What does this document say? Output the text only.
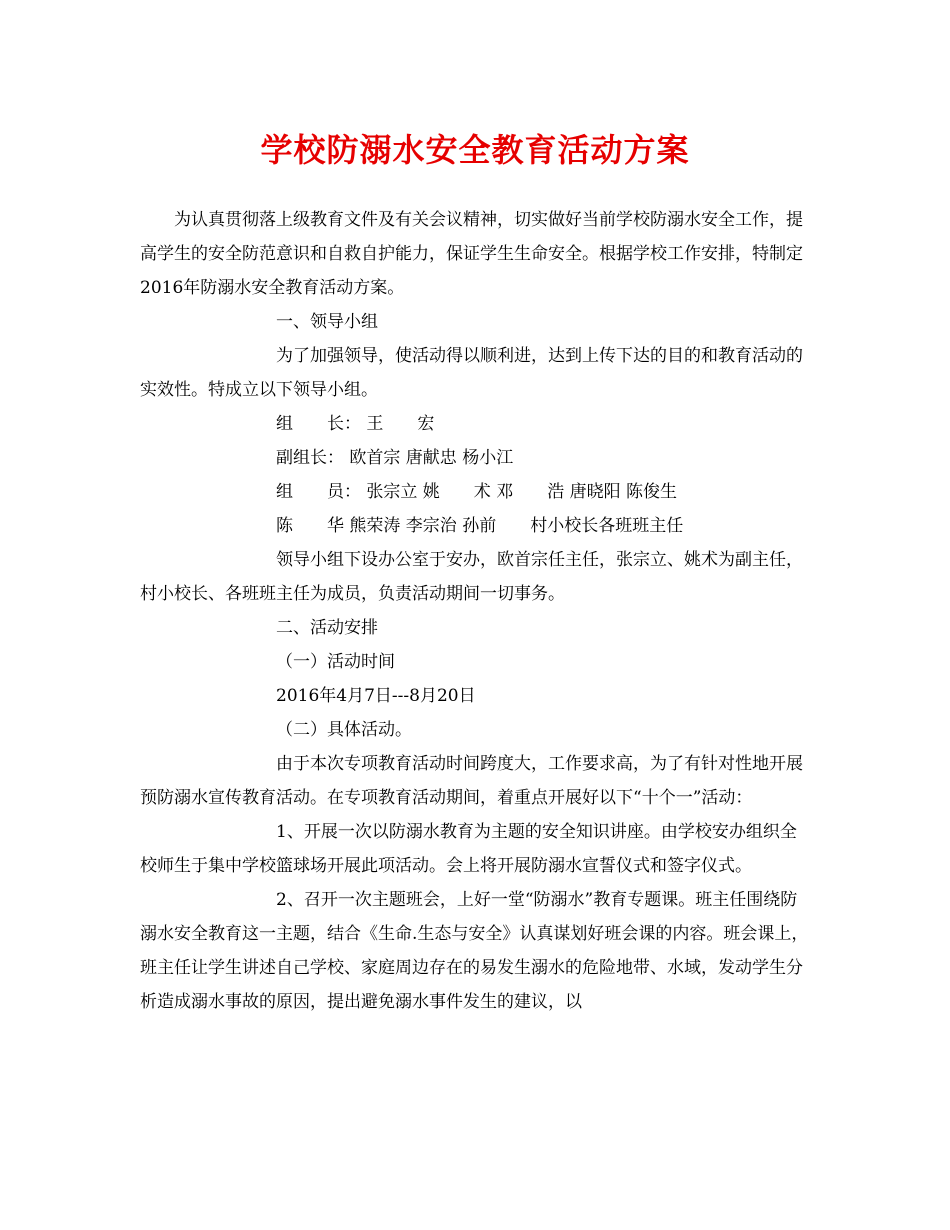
学校防溺水安全教育活动方案

为认真贯彻落上级教育文件及有关会议精神，切实做好当前学校防溺水安全工作，提高学生的安全防范意识和自救自护能力，保证学生生命安全。根据学校工作安排，特制定2016年防溺水安全教育活动方案。

一、领导小组

为了加强领导，使活动得以顺利进，达到上传下达的目的和教育活动的实效性。特成立以下领导小组。

组　　长： 王　　宏

副组长： 欧首宗 唐献忠 杨小江

组　　员： 张宗立 姚　　术 邓　　浩 唐晓阳 陈俊生

陈　　华 熊荣涛 李宗治 孙前　　村小校长各班班主任

领导小组下设办公室于安办，欧首宗任主任，张宗立、姚术为副主任，村小校长、各班班主任为成员，负责活动期间一切事务。

二、活动安排

（一）活动时间

2016年4月7日---8月20日

（二）具体活动。

由于本次专项教育活动时间跨度大，工作要求高，为了有针对性地开展预防溺水宣传教育活动。在专项教育活动期间，着重点开展好以下“十个一”活动：

1、开展一次以防溺水教育为主题的安全知识讲座。由学校安办组织全校师生于集中学校篮球场开展此项活动。会上将开展防溺水宣誓仪式和签字仪式。

2、召开一次主题班会，上好一堂“防溺水”教育专题课。班主任围绕防溺水安全教育这一主题，结合《生命.生态与安全》认真谋划好班会课的内容。班会课上，班主任让学生讲述自己学校、家庭周边存在的易发生溺水的危险地带、水域，发动学生分析造成溺水事故的原因，提出避免溺水事件发生的建议，以
